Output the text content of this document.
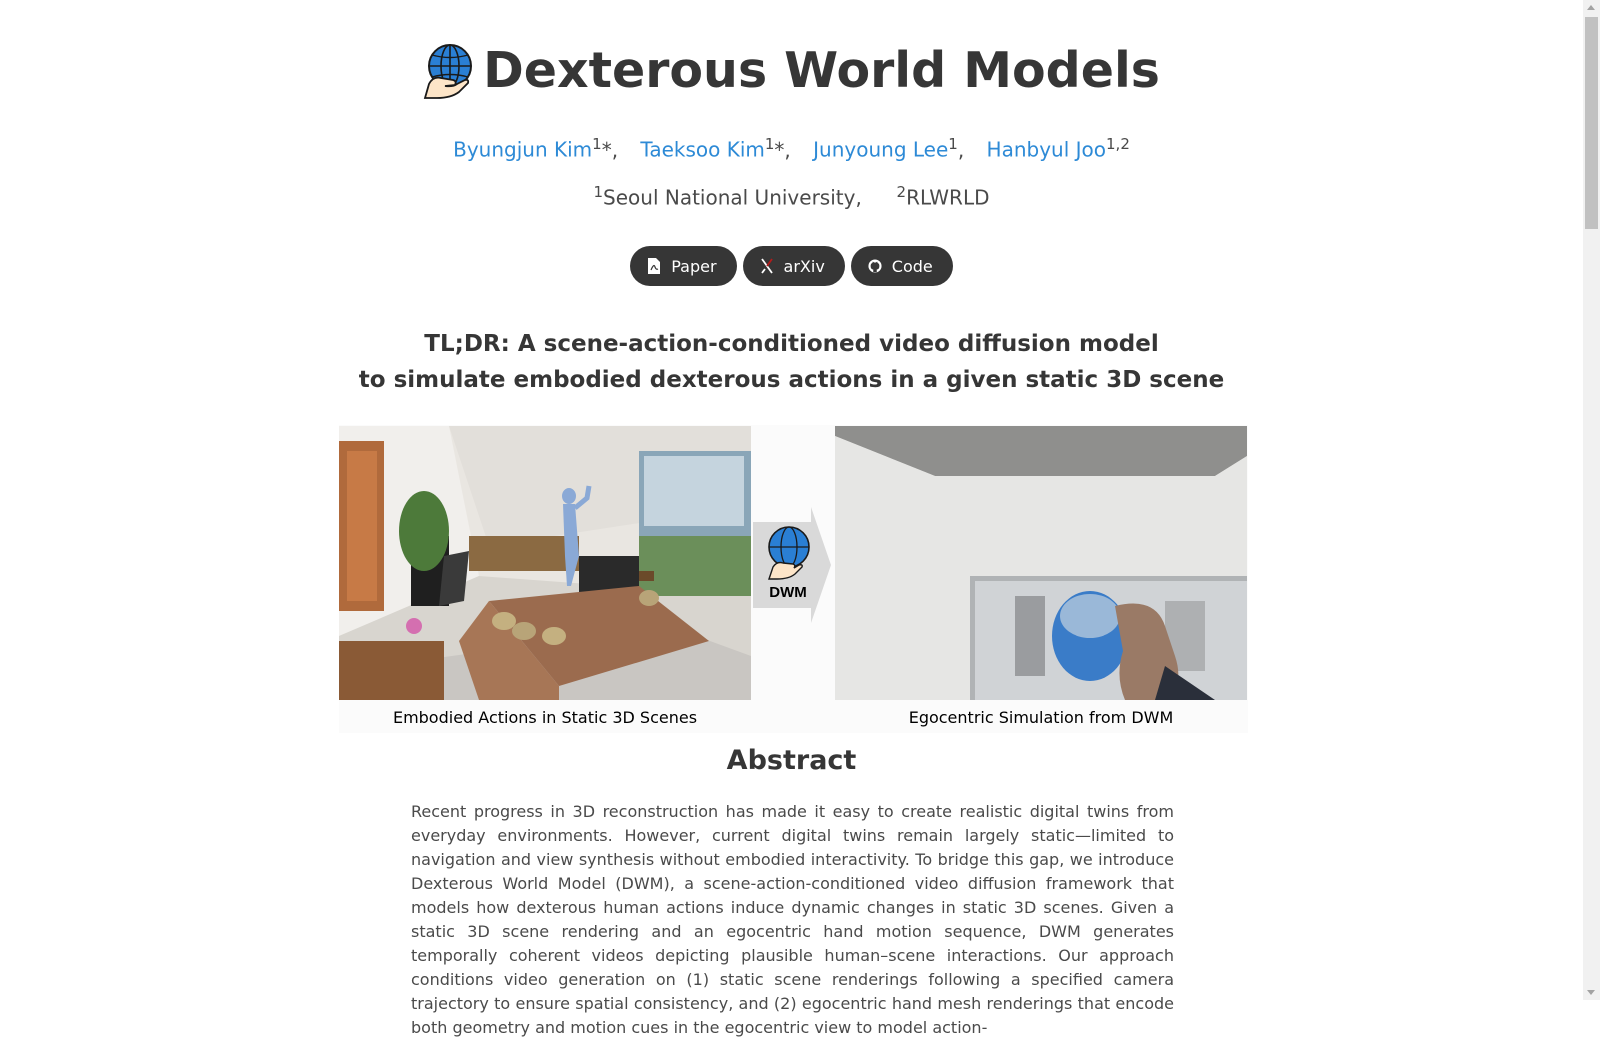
Dexterous World Models
Byungjun Kim$^1$*, Taeksoo Kim$^1$*, Junyoung Lee$^1$, Hanbyul Joo$^{1,2}$
$^1$Seoul National University, $^2$RLWRLD
Paper	arXiv	Code
TL;DR: A scene-action-conditioned video diffusion model
to simulate embodied dexterous actions in a given static 3D scene
DWM
Embodied Actions in Static 3D Scenes	Egocentric Simulation from DWM
Abstract
Recent progress in 3D reconstruction has made it easy to create realistic digital twins from everyday environments. However, current digital twins remain largely static—limited to navigation and view synthesis without embodied interactivity. To bridge this gap, we introduce Dexterous World Model (DWM), a scene-action-conditioned video diffusion framework that models how dexterous human actions induce dynamic changes in static 3D scenes. Given a static 3D scene rendering and an egocentric hand motion sequence, DWM generates temporally coherent videos depicting plausible human–scene interactions. Our approach conditions video generation on (1) static scene renderings following a specified camera trajectory to ensure spatial consistency, and (2) egocentric hand mesh renderings that encode both geometry and motion cues in the egocentric view to model action-
